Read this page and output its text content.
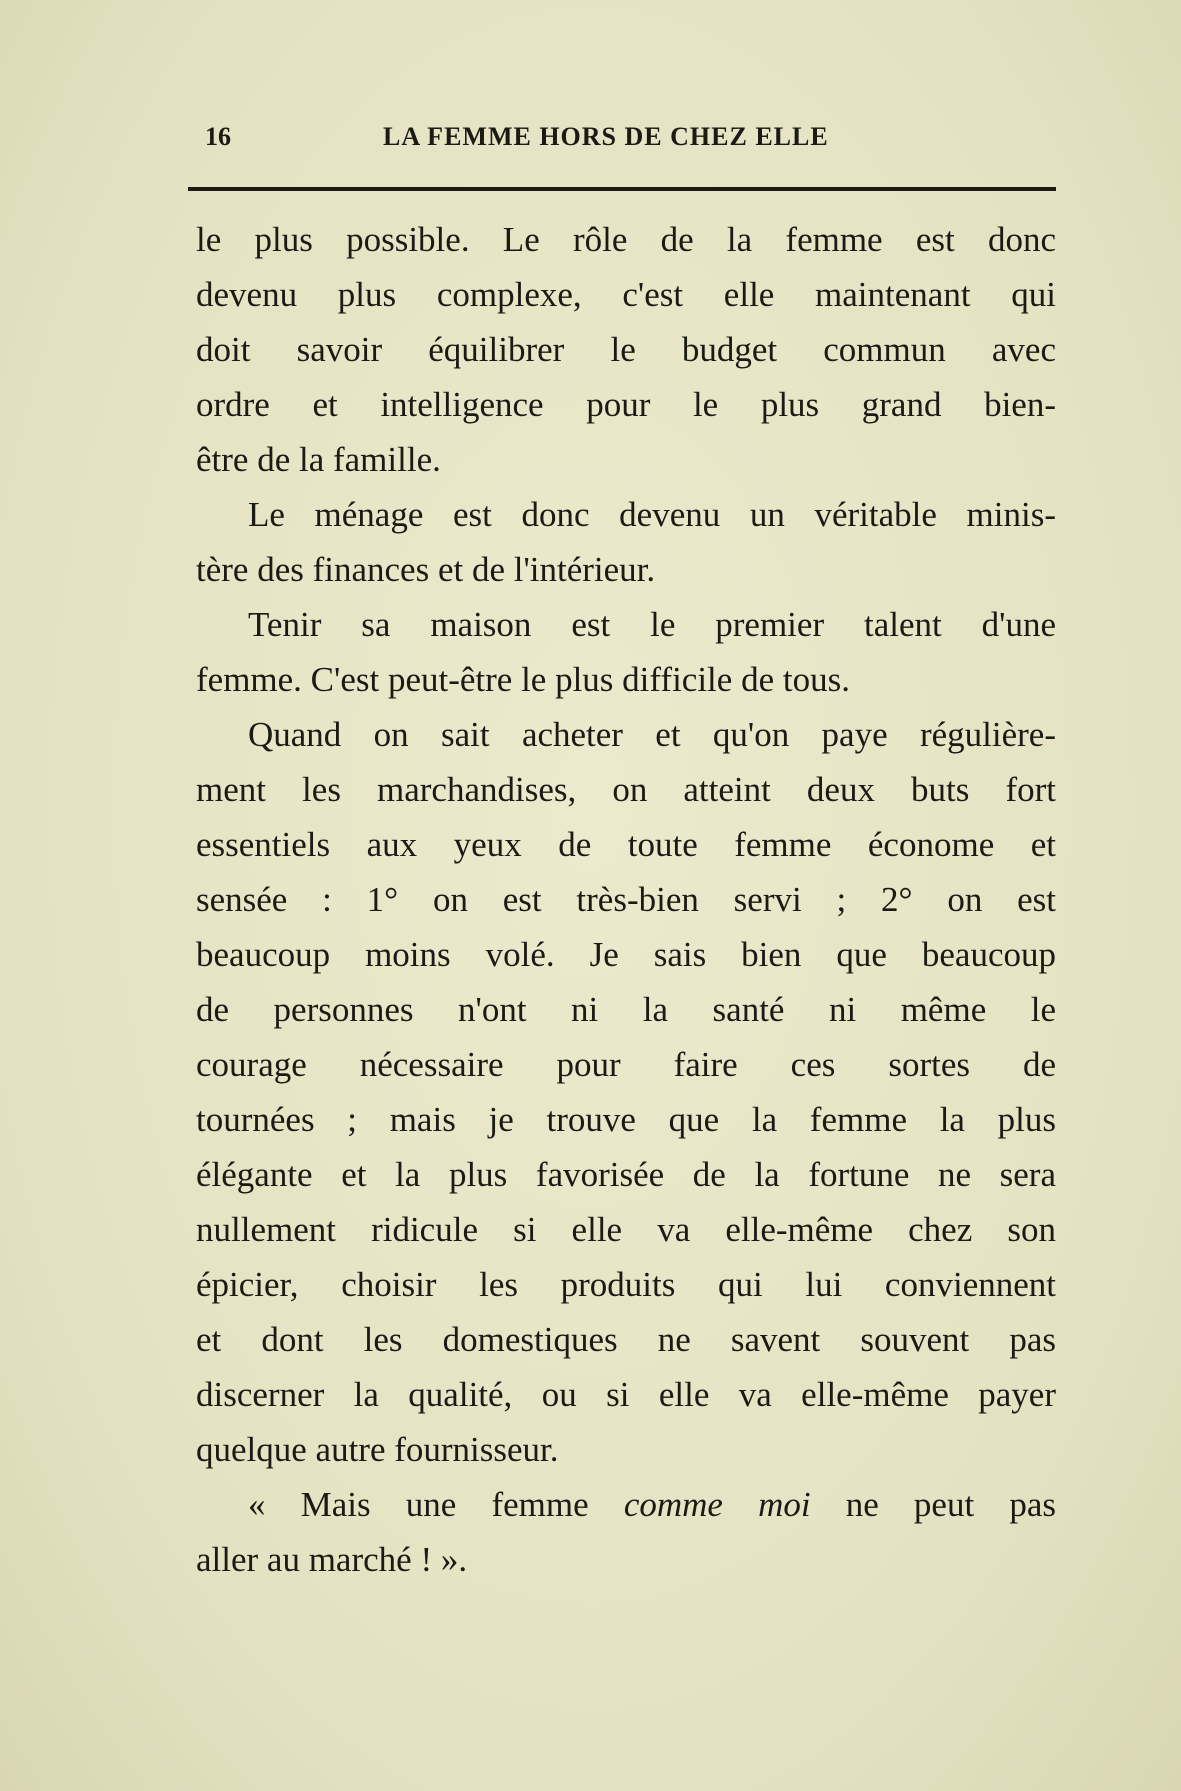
16	LA FEMME HORS DE CHEZ ELLE
le plus possible. Le rôle de la femme est donc
devenu plus complexe, c'est elle maintenant qui
doit savoir équilibrer le budget commun avec
ordre et intelligence pour le plus grand bien-
être de la famille.
Le ménage est donc devenu un véritable minis-
tère des finances et de l'intérieur.
Tenir sa maison est le premier talent d'une
femme. C'est peut-être le plus difficile de tous.
Quand on sait acheter et qu'on paye régulière-
ment les marchandises, on atteint deux buts fort
essentiels aux yeux de toute femme économe et
sensée : 1° on est très-bien servi ; 2° on est
beaucoup moins volé. Je sais bien que beaucoup
de personnes n'ont ni la santé ni même le
courage nécessaire pour faire ces sortes de
tournées ; mais je trouve que la femme la plus
élégante et la plus favorisée de la fortune ne sera
nullement ridicule si elle va elle-même chez son
épicier, choisir les produits qui lui conviennent
et dont les domestiques ne savent souvent pas
discerner la qualité, ou si elle va elle-même payer
quelque autre fournisseur.
« Mais une femme comme moi ne peut pas
aller au marché ! ».
